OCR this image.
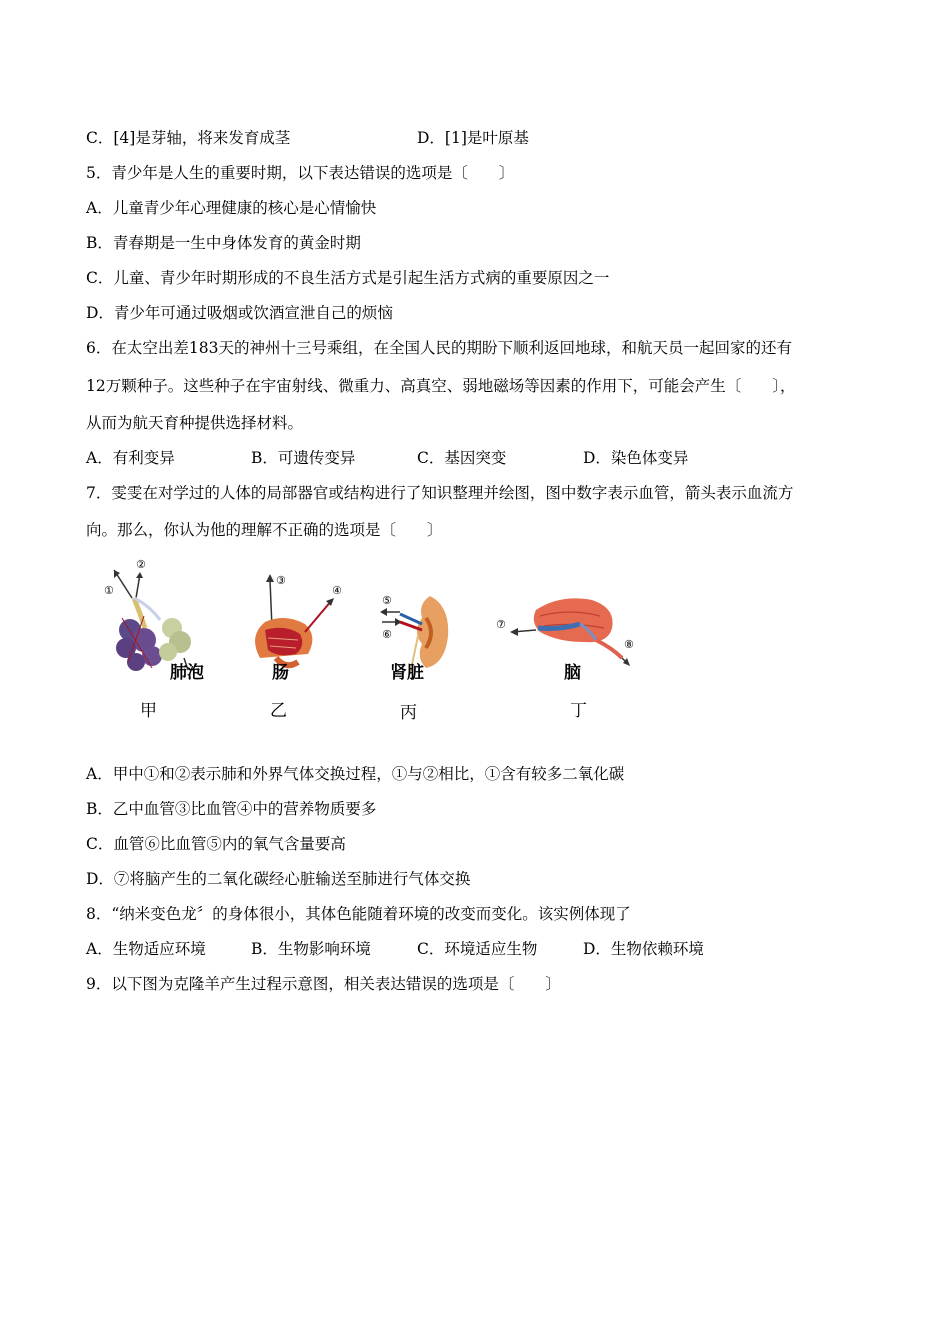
C．[4]是芽轴，将来发育成茎	D．[1]是叶原基
5．青少年是人生的重要时期，以下表达错误的选项是〔　　〕
A．儿童青少年心理健康的核心是心情愉快
B．青春期是一生中身体发育的黄金时期
C．儿童、青少年时期形成的不良生活方式是引起生活方式病的重要原因之一
D．青少年可通过吸烟或饮酒宣泄自己的烦恼
6．在太空出差183天的神州十三号乘组，在全国人民的期盼下顺利返回地球，和航天员一起回家的还有
12万颗种子。这些种子在宇宙射线、微重力、高真空、弱地磁场等因素的作用下，可能会产生〔　　〕，
从而为航天育种提供选择材料。
A．有利变异	B．可遗传变异	C．基因突变	D．染色体变异
7．雯雯在对学过的人体的局部器官或结构进行了知识整理并绘图，图中数字表示血管，箭头表示血流方
向。那么，你认为他的理解不正确的选项是〔　　〕
①
②
③
④
⑤
⑥
⑦
⑧
肺泡	肠	肾脏	脑
甲	乙	丙	丁
A．甲中①和②表示肺和外界气体交换过程，①与②相比，①含有较多二氧化碳
B．乙中血管③比血管④中的营养物质要多
C．血管⑥比血管⑤内的氧气含量要高
D．⑦将脑产生的二氧化碳经心脏输送至肺进行气体交换
8．“纳米变色龙〞的身体很小，其体色能随着环境的改变而变化。该实例体现了
A．生物适应环境	B．生物影响环境	C．环境适应生物	D．生物依赖环境
9．以下图为克隆羊产生过程示意图，相关表达错误的选项是〔　　〕
